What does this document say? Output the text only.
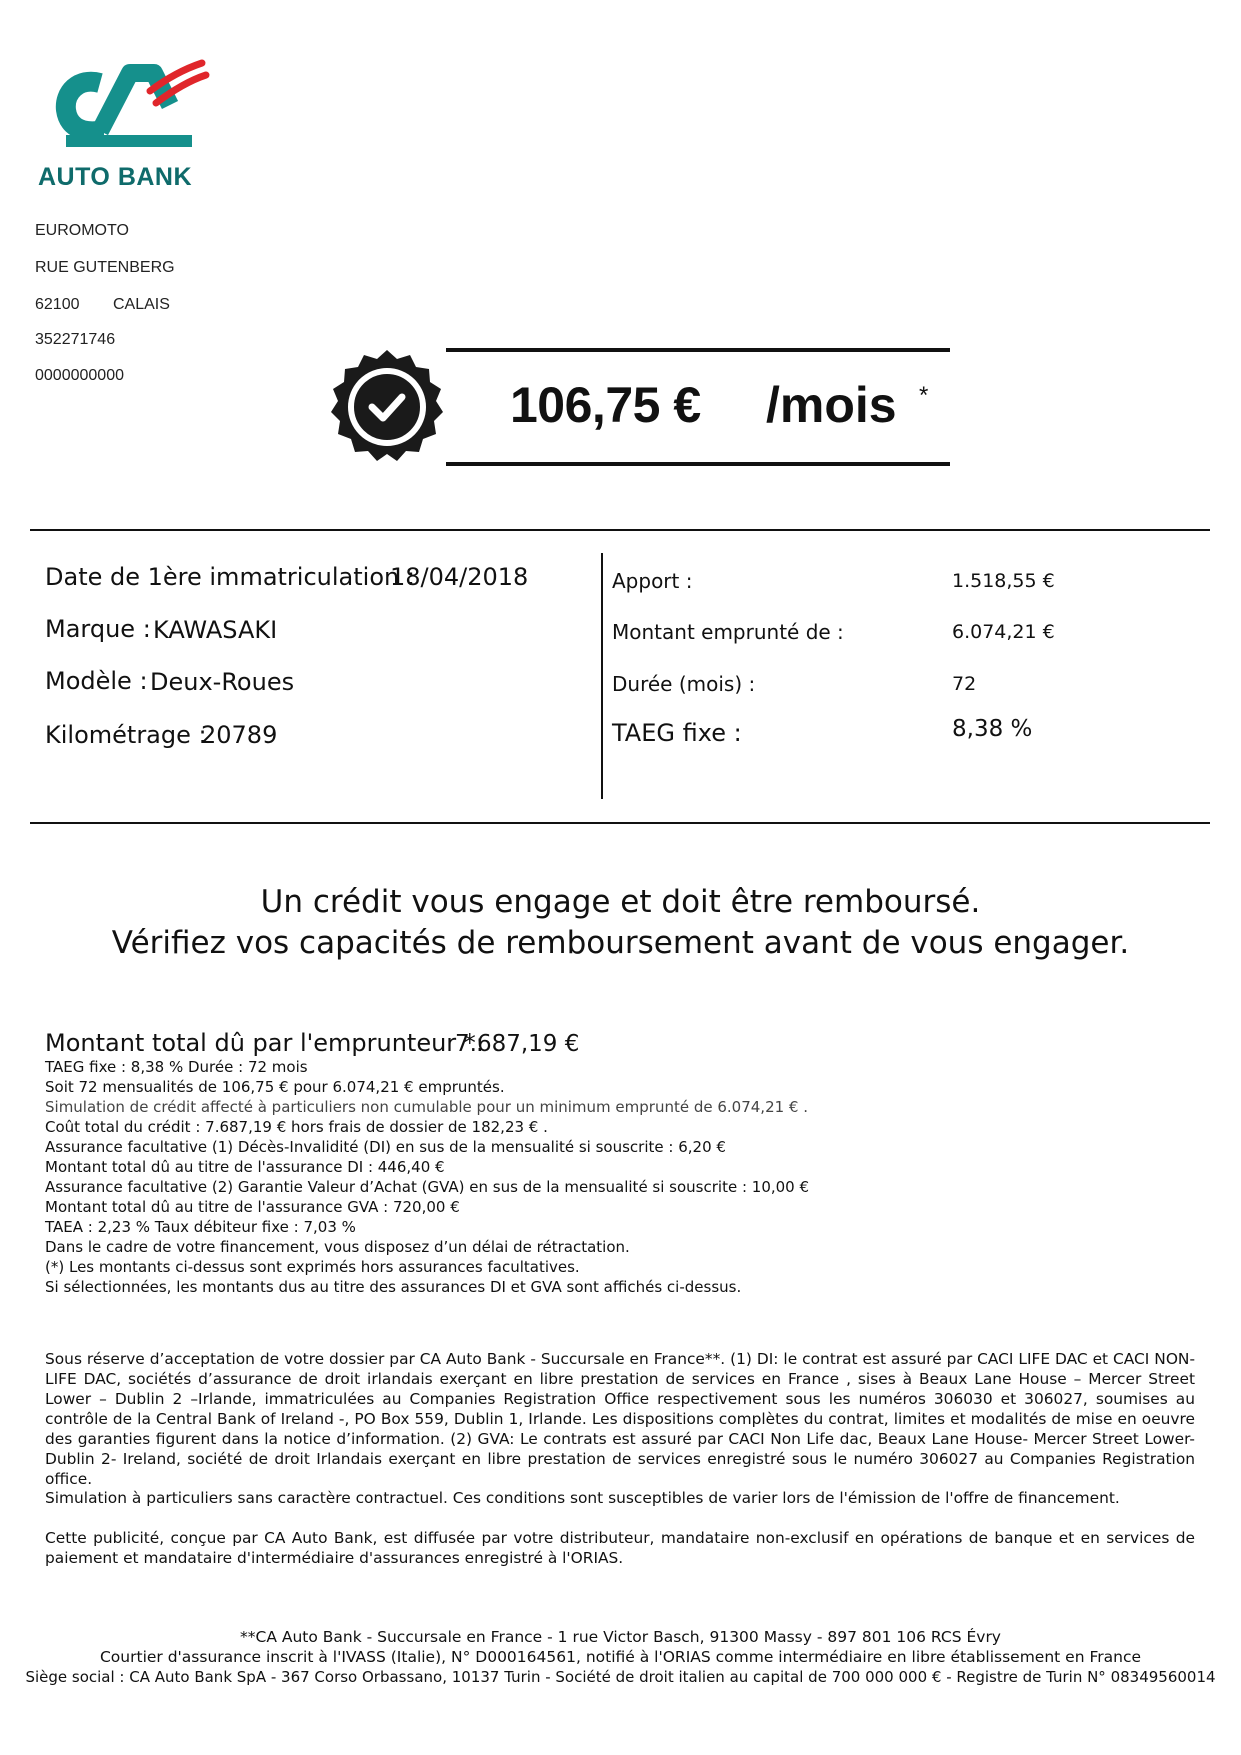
AUTO BANK
EUROMOTO
RUE GUTENBERG
62100 CALAIS
352271746
0000000000
106,75 € /mois *
Date de 1ère immatriculation :
18/04/2018
Marque : KAWASAKI
Modèle : Deux-Roues
Kilométrage :
20789
Apport :	1.518,55 €
Montant emprunté de :	6.074,21 €
Durée (mois) :	72
TAEG fixe :	8,38 %
Un crédit vous engage et doit être remboursé.
Vérifiez vos capacités de remboursement avant de vous engager.
Montant total dû par l'emprunteur *:
7.687,19 €
TAEG fixe : 8,38 % Durée : 72 mois
Soit 72 mensualités de 106,75 € pour 6.074,21 € empruntés.
Simulation de crédit affecté à particuliers non cumulable pour un minimum emprunté de 6.074,21 € .
Coût total du crédit : 7.687,19 € hors frais de dossier de 182,23 € .
Assurance facultative (1) Décès-Invalidité (DI) en sus de la mensualité si souscrite : 6,20 €
Montant total dû au titre de l'assurance DI : 446,40 €
Assurance facultative (2) Garantie Valeur d’Achat (GVA) en sus de la mensualité si souscrite : 10,00 €
Montant total dû au titre de l'assurance GVA : 720,00 €
TAEA : 2,23 % Taux débiteur fixe : 7,03 %
Dans le cadre de votre financement, vous disposez d’un délai de rétractation.
(*) Les montants ci-dessus sont exprimés hors assurances facultatives.
Si sélectionnées, les montants dus au titre des assurances DI et GVA sont affichés ci-dessus.
Sous réserve d’acceptation de votre dossier par CA Auto Bank - Succursale en France**. (1) DI: le contrat est assuré par CACI LIFE DAC et CACI NON-LIFE DAC, sociétés d’assurance de droit irlandais exerçant en libre prestation de services en France , sises à Beaux Lane House – Mercer Street Lower – Dublin 2 –Irlande, immatriculées au Companies Registration Office respectivement sous les numéros 306030 et 306027, soumises au contrôle de la Central Bank of Ireland -, PO Box 559, Dublin 1, Irlande. Les dispositions complètes du contrat, limites et modalités de mise en oeuvre des garanties figurent dans la notice d’information. (2) GVA: Le contrats est assuré par CACI Non Life dac, Beaux Lane House- Mercer Street Lower- Dublin 2- Ireland, société de droit Irlandais exerçant en libre prestation de services enregistré sous le numéro 306027 au Companies Registration office.
Simulation à particuliers sans caractère contractuel. Ces conditions sont susceptibles de varier lors de l'émission de l'offre de financement.
Cette publicité, conçue par CA Auto Bank, est diffusée par votre distributeur, mandataire non-exclusif en opérations de banque et en services de paiement et mandataire d'intermédiaire d'assurances enregistré à l'ORIAS.
**CA Auto Bank - Succursale en France - 1 rue Victor Basch, 91300 Massy - 897 801 106 RCS Évry
Courtier d'assurance inscrit à l'IVASS (Italie), N° D000164561, notifié à l'ORIAS comme intermédiaire en libre établissement en France
Siège social : CA Auto Bank SpA - 367 Corso Orbassano, 10137 Turin - Société de droit italien au capital de 700 000 000 € - Registre de Turin N° 08349560014
